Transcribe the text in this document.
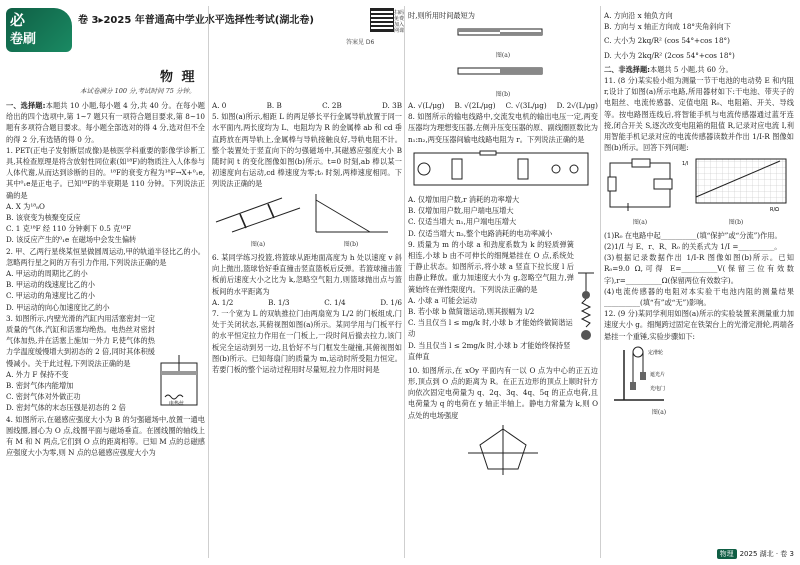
必
卷刷
卷 3▸2025 年普通高中学业水平选择性考试(湖北卷)
扫码免费加入网课
答案见 D6
物 理
本试卷满分 100 分,考试时间 75 分钟。

一、选择题:本题共 10 小题,每小题 4 分,共 40 分。在每小题给出的四个选项中,第 1~7 题只有一项符合题目要求,第 8~10 题有多项符合题目要求。每小题全部选对的得 4 分,选对但不全的得 2 分,有选错的得 0 分。

1. PET(正电子发射断层成像)是核医学科重要的影像学诊断工具,其检查原理是将含放射性同位素(如¹⁸F)的物质注入人体参与人体代谢,从而达到诊断的目的。¹⁸F的衰变方程为¹⁸F→X+⁰₁e,其中⁰₁e是正电子。已知¹⁸F的半衰期是 110 分钟。下列说法正确的是

A. X 为¹⁸₈O
B. 该衰变为核聚变反应
C. 1 克¹⁸F 经 110 分钟剩下 0.5 克¹⁸F
D. 该反应产生的⁰₁e 在磁场中会发生偏转

2. 甲、乙两行星绕某恒星做圆周运动,甲的轨道半径比乙的小。忽略两行星之间的万有引力作用,下列说法正确的是

A. 甲运动的周期比乙的小
B. 甲运动的线速度比乙的小
C. 甲运动的角速度比乙的小
D. 甲运动的向心加速度比乙的小

3. 如图所示,内壁光滑的汽缸内用活塞密封一定质量的气体,汽缸和活塞均绝热。电热丝对密封气体加热,并在活塞上施加一外力 F,使气体的热力学温度缓慢增大到初态的 2 倍,同时其体积缓慢减小。关于此过程,下列说法正确的是

A. 外力 F 保持不变
B. 密封气体内能增加
C. 密封气体对外做正功
D. 密封气体的末态压强是初态的 2 倍	电热丝

4. 如图所示,在磁感应强度大小为 B 的匀强磁场中,放置一通电圆线圈,圆心为 O 点,线圈平面与磁场垂直。在圆线圈的轴线上有 M 和 N 两点,它们到 O 点的距离相等。已知 M 点的总磁感应强度大小为零,则 N 点的总磁感应强度大小为

A. 0	B. B	C. 2B	D. 3B

5. 如图(a)所示,相距 L 的两足够长平行金属导轨放置于同一水平面内,两长度均为 L、电阻均为 R 的金属棒 ab 和 cd 垂直跨放在两导轨上,金属棒与导轨接触良好,导轨电阻不计。整个装置处于竖直向下的匀强磁场中,其磁感应强度大小 B 随时间 t 的变化图像如图(b)所示。t=0 时刻,ab 棒以某一初速度向右运动,cd 棒速度为零;t₀ 时刻,两棒速度相同。下列说法正确的是

图(a)	图(b)

6. 某同学练习投篮,将篮球从距地面高度为 h 处以速度 v 斜向上抛出,篮球恰好垂直撞击竖直篮板后反弹。若篮球撞击篮板前后速度大小之比为 k,忽略空气阻力,则篮球抛出点与篮板间的水平距离为

A. 1/2	B. 1/3	C. 1/4	D. 1/6

7. 一个宽为 L 的双轨推拉门由两扇宽为 L/2 的门板组成,门处于关闭状态,其俯视图如图(a)所示。某同学用与门板平行的水平恒定拉力作用在一门板上,一段时间后撤去拉力,该门板完全运动到另一边,且恰好不与门框发生碰撞,其俯视图如图(b)所示。已知每扇门的质量为 m,运动时所受阻力恒定。若要门板的整个运动过程用时尽量短,拉力作用时间是

时,则所用时间最短为

图(a)
图(b)
A. √(L/μg) B. √(2L/μg) C. √(3L/μg) D. 2√(L/μg)

8. 如图所示的输电线路中,交流发电机的输出电压一定,两变压器均为理想变压器,左侧升压变压器的原、副线圈匝数比为 n₁:n₂,两变压器间输电线路电阻为 r。下列说法正确的是

A. 仅增加用户数,r 消耗的功率增大
B. 仅增加用户数,用户端电压增大
C. 仅适当增大 n₁,用户端电压增大
D. 仅适当增大 n₂,整个电路消耗的电功率减小

9. 质量为 m 的小球 a 和劲度系数为 k 的轻质弹簧相连,小球 b 由不可伸长的细绳悬挂在 O 点,系统处于静止状态。如图所示,将小球 a 竖直下拉长度 l 后由静止释放。重力加速度大小为 g,忽略空气阻力,弹簧始终在弹性限度内。下列说法正确的是

A. 小球 a 可能会运动
B. 若小球 b 做简谐运动,则其振幅为 l/2
C. 当且仅当 l ≤ mg/k 时,小球 b 才能始终做简谐运动
D. 当且仅当 l ≤ 2mg/k 时,小球 b 才能始终保持竖直伸直

10. 如图所示,在 xOy 平面内有一以 O 点为中心的正五边形,顶点到 O 点的距离为 R。在正五边形的顶点上顺时针方向依次固定电荷量为 q、2q、3q、4q、5q 的正点电荷,且电荷量为 q 的电荷在 y 轴正半轴上。静电力常量为 k,则 O 点处的电场强度

A. 方向沿 x 轴负方向
B. 方向与 x 轴正方向成 18°夹角斜向下
C. 大小为 2kq/R² (cos 54°+cos 18°)
D. 大小为 2kq/R² (2cos 54°+cos 18°)

二、非选择题:本题共 5 小题,共 60 分。

11. (8 分)某实验小组为测量一节干电池的电动势 E 和内阻 r,设计了如图(a)所示电路,所用器材如下:干电池、带夹子的电阻丝、电流传感器、定值电阻 R₀、电阻箱、开关、导线等。按电路图连线后,将智能手机与电流传感器通过蓝牙连接,闭合开关 S,逐次改变电阻箱的阻值 R,记录对应电流 I,利用智能手机记录对应的电流传感器读数并作出 1/I-R 图像如图(b)所示。回答下列问题:

图(a)
1/I
R/Ω
图(b)

(1)R₀ 在电路中起__________(填“保护”或“分流”)作用。

(2)1/I 与 E、r、R、R₀ 的关系式为 1/I =__________。

(3)根据记录数据作出 1/I-R 图像如图(b)所示。已知 R₀=9.0 Ω,可得 E=__________V(保留三位有效数字),r=__________Ω(保留两位有效数字)。

(4)电流传感器的电阻对本实验干电池内阻的测量结果__________(填“有”或“无”)影响。

12. (9 分)某同学利用如图(a)所示的实验装置来测量重力加速度大小 g。细绳跨过固定在铁架台上的光滑定滑轮,两端各悬挂一个重锤,实验步骤如下:

定滑轮
遮光片
光电门
图(a)
物理 2025 湖北 · 卷 3
